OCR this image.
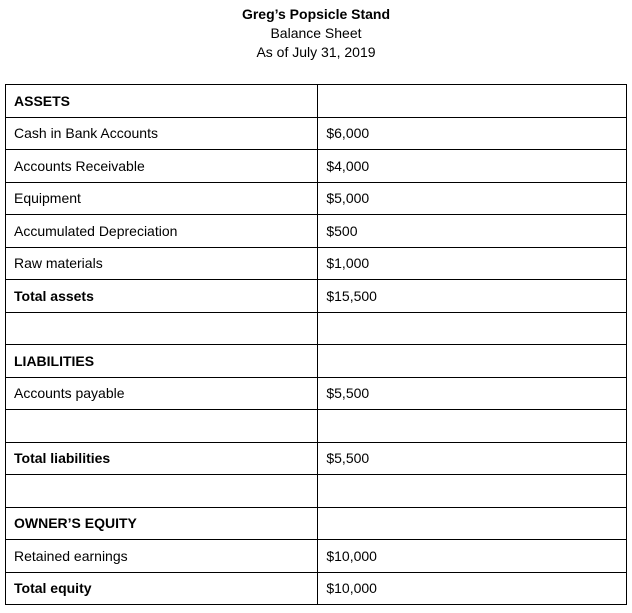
Greg’s Popsicle Stand
Balance Sheet
As of July 31, 2019
ASSETS	
Cash in Bank Accounts	$6,000
Accounts Receivable	$4,000
Equipment	$5,000
Accumulated Depreciation	$500
Raw materials	$1,000
Total assets	$15,500

LIABILITIES	
Accounts payable	$5,500

Total liabilities	$5,500

OWNER’S EQUITY	
Retained earnings	$10,000
Total equity	$10,000
